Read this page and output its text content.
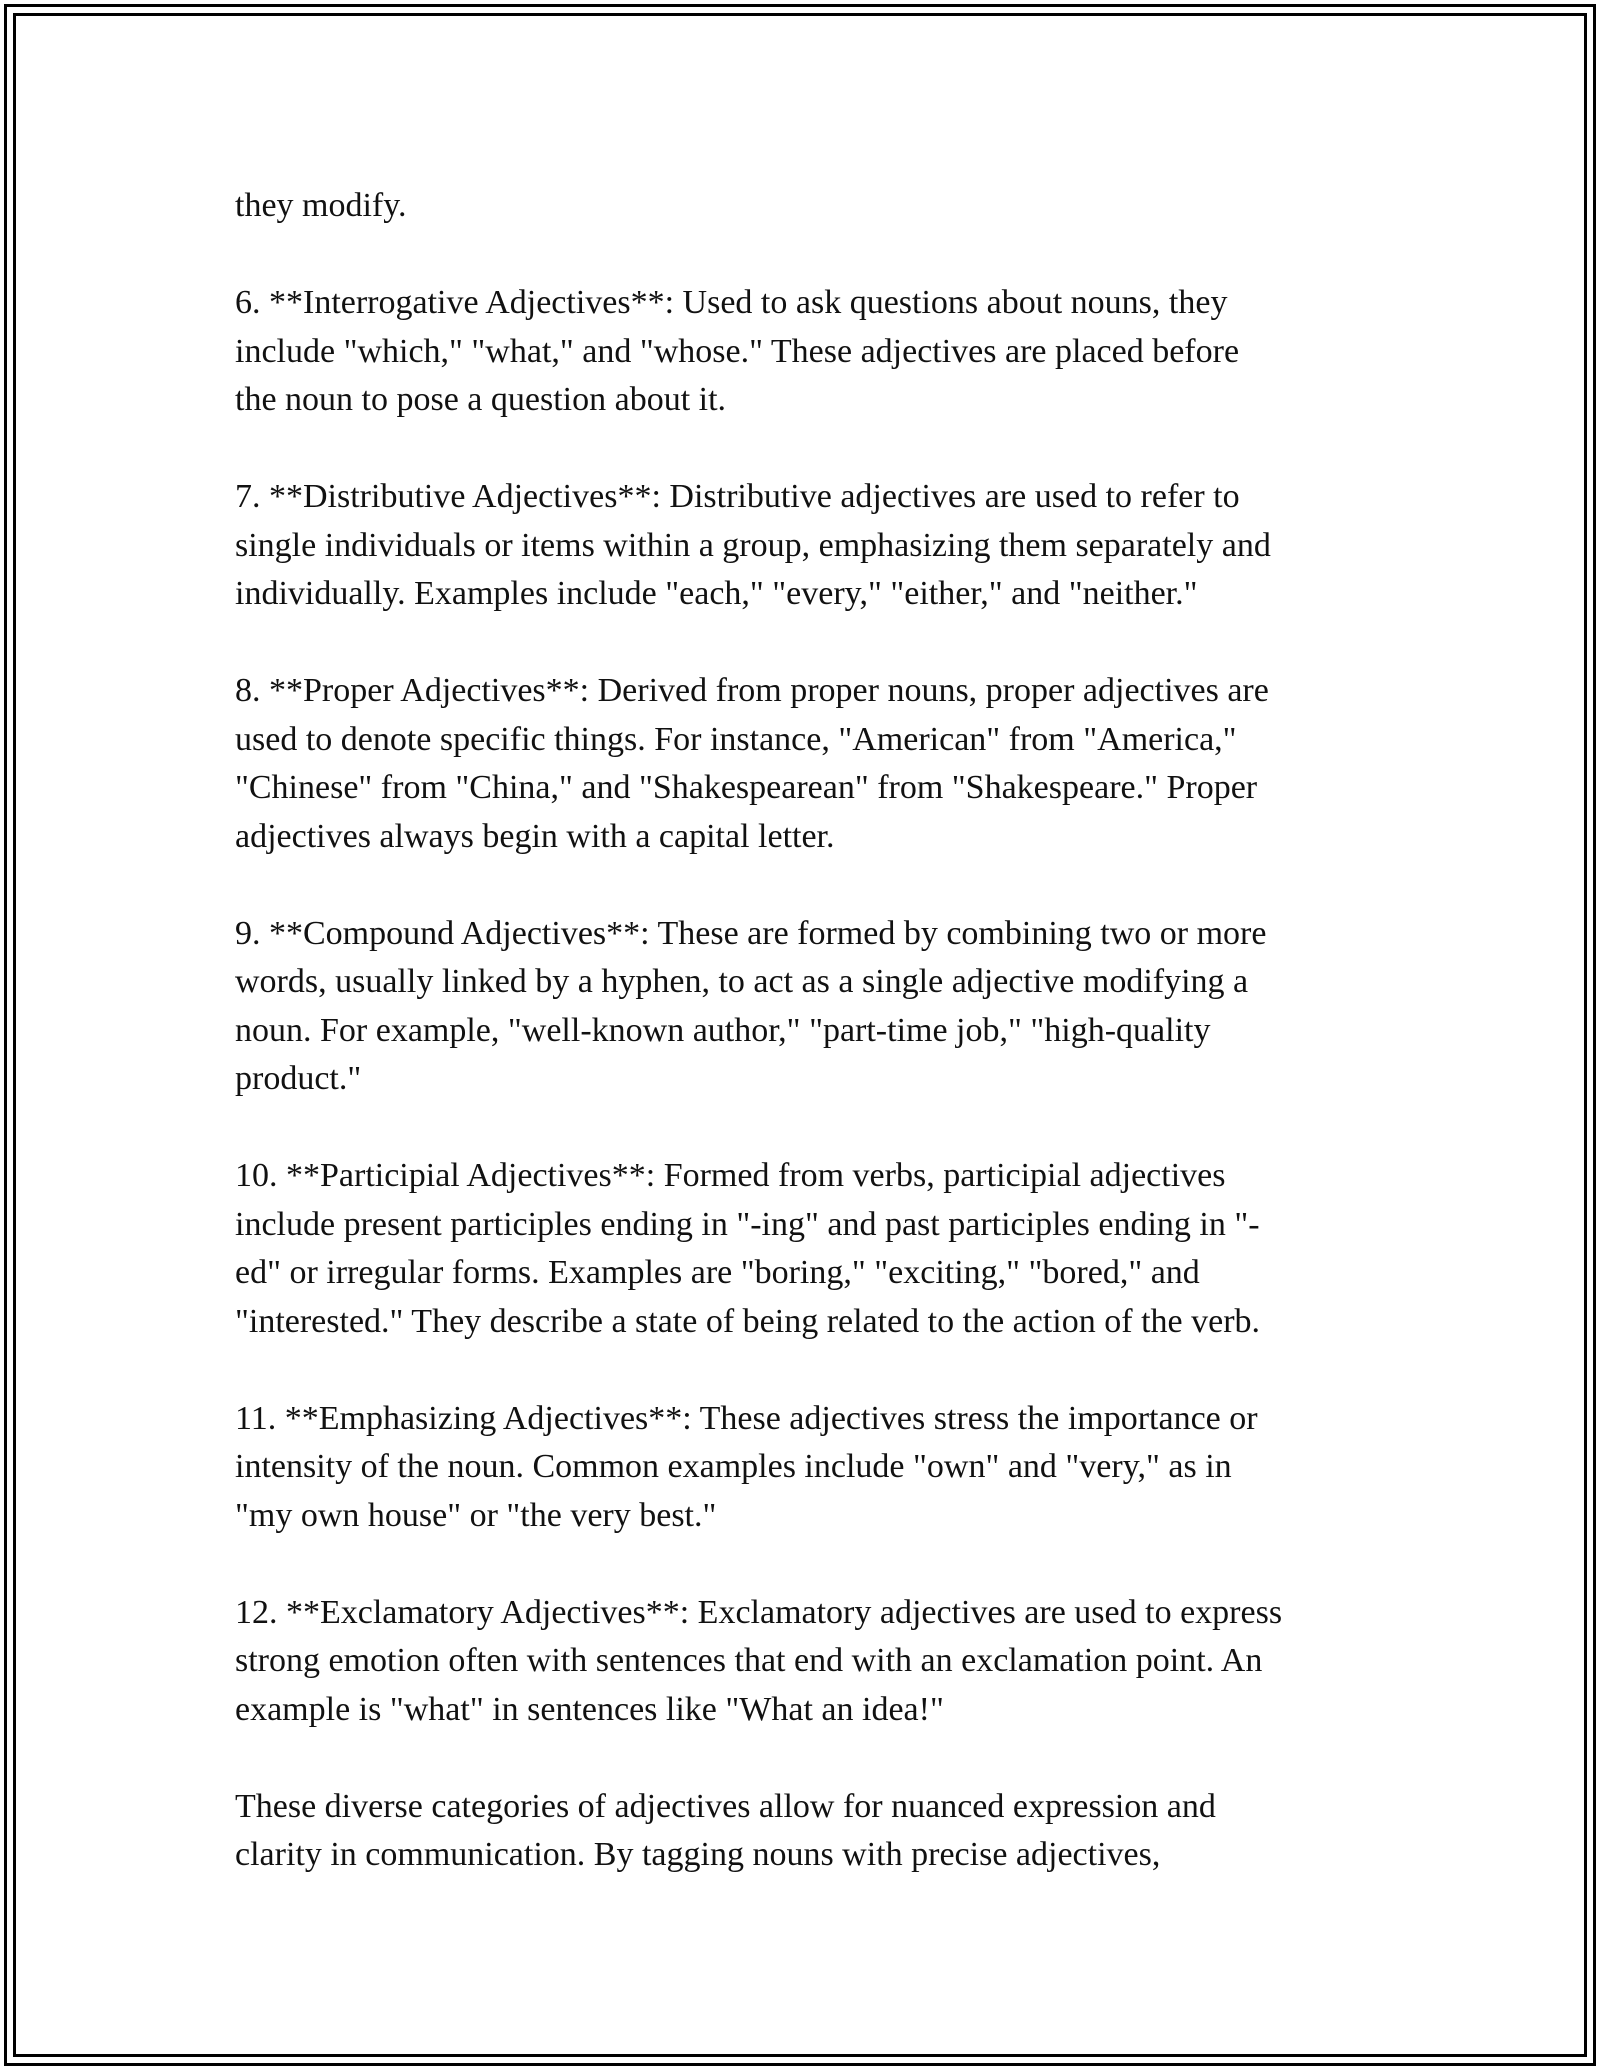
they modify.

6. **Interrogative Adjectives**: Used to ask questions about nouns, they
include "which," "what," and "whose." These adjectives are placed before
the noun to pose a question about it.

7. **Distributive Adjectives**: Distributive adjectives are used to refer to
single individuals or items within a group, emphasizing them separately and
individually. Examples include "each," "every," "either," and "neither."

8. **Proper Adjectives**: Derived from proper nouns, proper adjectives are
used to denote specific things. For instance, "American" from "America,"
"Chinese" from "China," and "Shakespearean" from "Shakespeare." Proper
adjectives always begin with a capital letter.

9. **Compound Adjectives**: These are formed by combining two or more
words, usually linked by a hyphen, to act as a single adjective modifying a
noun. For example, "well-known author," "part-time job," "high-quality
product."

10. **Participial Adjectives**: Formed from verbs, participial adjectives
include present participles ending in "-ing" and past participles ending in "-
ed" or irregular forms. Examples are "boring," "exciting," "bored," and
"interested." They describe a state of being related to the action of the verb.

11. **Emphasizing Adjectives**: These adjectives stress the importance or
intensity of the noun. Common examples include "own" and "very," as in
"my own house" or "the very best."

12. **Exclamatory Adjectives**: Exclamatory adjectives are used to express
strong emotion often with sentences that end with an exclamation point. An
example is "what" in sentences like "What an idea!"

These diverse categories of adjectives allow for nuanced expression and
clarity in communication. By tagging nouns with precise adjectives,
